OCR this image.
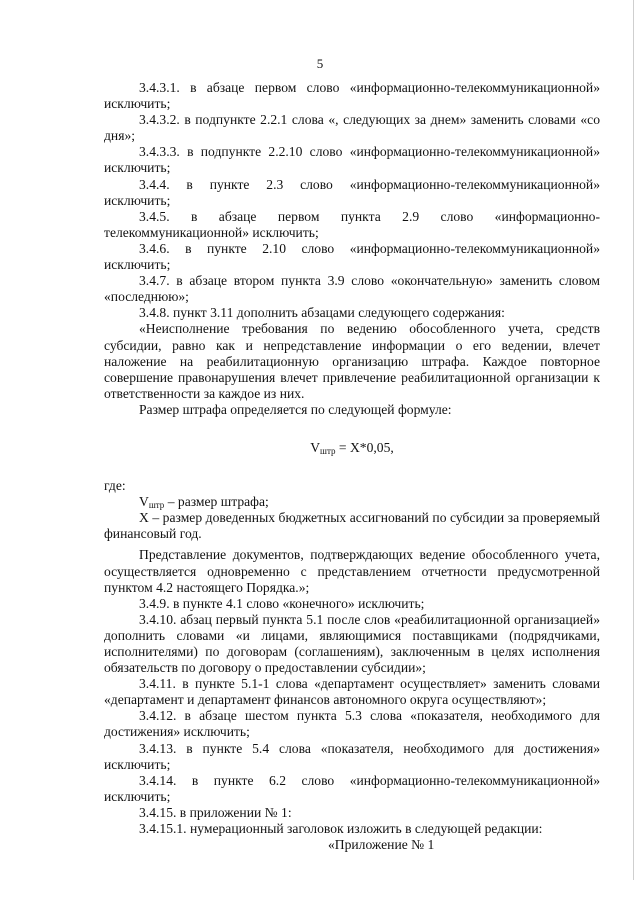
5

3.4.3.1. в абзаце первом слово «информационно-телекоммуникационной» исключить;

3.4.3.2. в подпункте 2.2.1 слова «, следующих за днем» заменить словами «со дня»;

3.4.3.3. в подпункте 2.2.10 слово «информационно-телекоммуникационной» исключить;

3.4.4. в пункте 2.3 слово «информационно-телекоммуникационной» исключить;

3.4.5. в абзаце первом пункта 2.9 слово «информационно-телекоммуникационной» исключить;

3.4.6. в пункте 2.10 слово «информационно-телекоммуникационной» исключить;

3.4.7. в абзаце втором пункта 3.9 слово «окончательную» заменить словом «последнюю»;

3.4.8. пункт 3.11 дополнить абзацами следующего содержания:

«Неисполнение требования по ведению обособленного учета, средств субсидии, равно как и непредставление информации о его ведении, влечет наложение на реабилитационную организацию штрафа. Каждое повторное совершение правонарушения влечет привлечение реабилитационной организации к ответственности за каждое из них.

Размер штрафа определяется по следующей формуле:

$V_{штр} = X*0,05$,

где:

$V_{штр}$ – размер штрафа;

X – размер доведенных бюджетных ассигнований по субсидии за проверяемый финансовый год.

Представление документов, подтверждающих ведение обособленного учета, осуществляется одновременно с представлением отчетности предусмотренной пунктом 4.2 настоящего Порядка.»;

3.4.9. в пункте 4.1 слово «конечного» исключить;

3.4.10. абзац первый пункта 5.1 после слов «реабилитационной организацией» дополнить словами «и лицами, являющимися поставщиками (подрядчиками, исполнителями) по договорам (соглашениям), заключенным в целях исполнения обязательств по договору о предоставлении субсидии»;

3.4.11. в пункте 5.1-1 слова «департамент осуществляет» заменить словами «департамент и департамент финансов автономного округа осуществляют»;

3.4.12. в абзаце шестом пункта 5.3 слова «показателя, необходимого для достижения» исключить;

3.4.13. в пункте 5.4 слова «показателя, необходимого для достижения» исключить;

3.4.14. в пункте 6.2 слово «информационно-телекоммуникационной» исключить;

3.4.15. в приложении № 1:

3.4.15.1. нумерационный заголовок изложить в следующей редакции:

«Приложение № 1
